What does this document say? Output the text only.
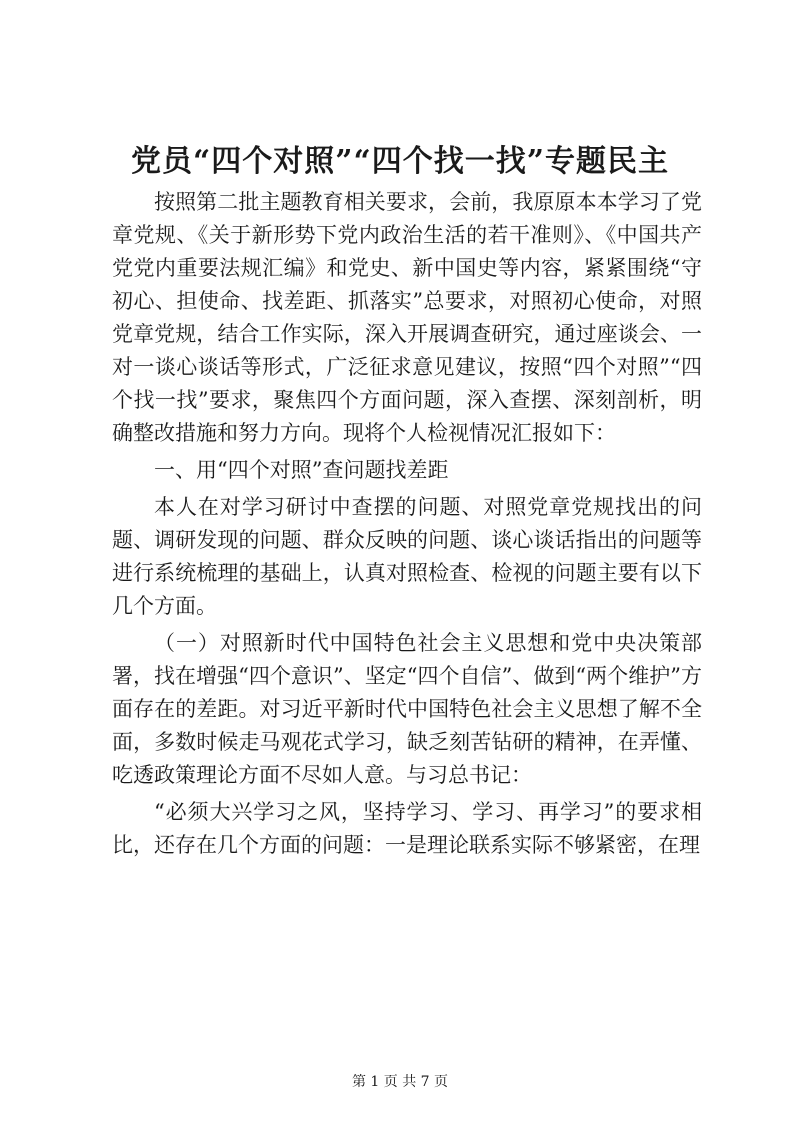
党员“四个对照”“四个找一找”专题民主

按照第二批主题教育相关要求，会前，我原原本本学习了党章党规、《关于新形势下党内政治生活的若干准则》、《中国共产党党内重要法规汇编》和党史、新中国史等内容，紧紧围绕“守初心、担使命、找差距、抓落实”总要求，对照初心使命，对照党章党规，结合工作实际，深入开展调查研究，通过座谈会、一对一谈心谈话等形式，广泛征求意见建议，按照“四个对照”“四个找一找”要求，聚焦四个方面问题，深入查摆、深刻剖析，明确整改措施和努力方向。现将个人检视情况汇报如下：

一、用“四个对照”查问题找差距

本人在对学习研讨中查摆的问题、对照党章党规找出的问题、调研发现的问题、群众反映的问题、谈心谈话指出的问题等进行系统梳理的基础上，认真对照检查、检视的问题主要有以下几个方面。

（一）对照新时代中国特色社会主义思想和党中央决策部署，找在增强“四个意识”、坚定“四个自信”、做到“两个维护”方面存在的差距。对习近平新时代中国特色社会主义思想了解不全面，多数时候走马观花式学习，缺乏刻苦钻研的精神，在弄懂、吃透政策理论方面不尽如人意。与习总书记：

“必须大兴学习之风，坚持学习、学习、再学习”的要求相比，还存在几个方面的问题：一是理论联系实际不够紧密，在理

第 1 页 共 7 页
